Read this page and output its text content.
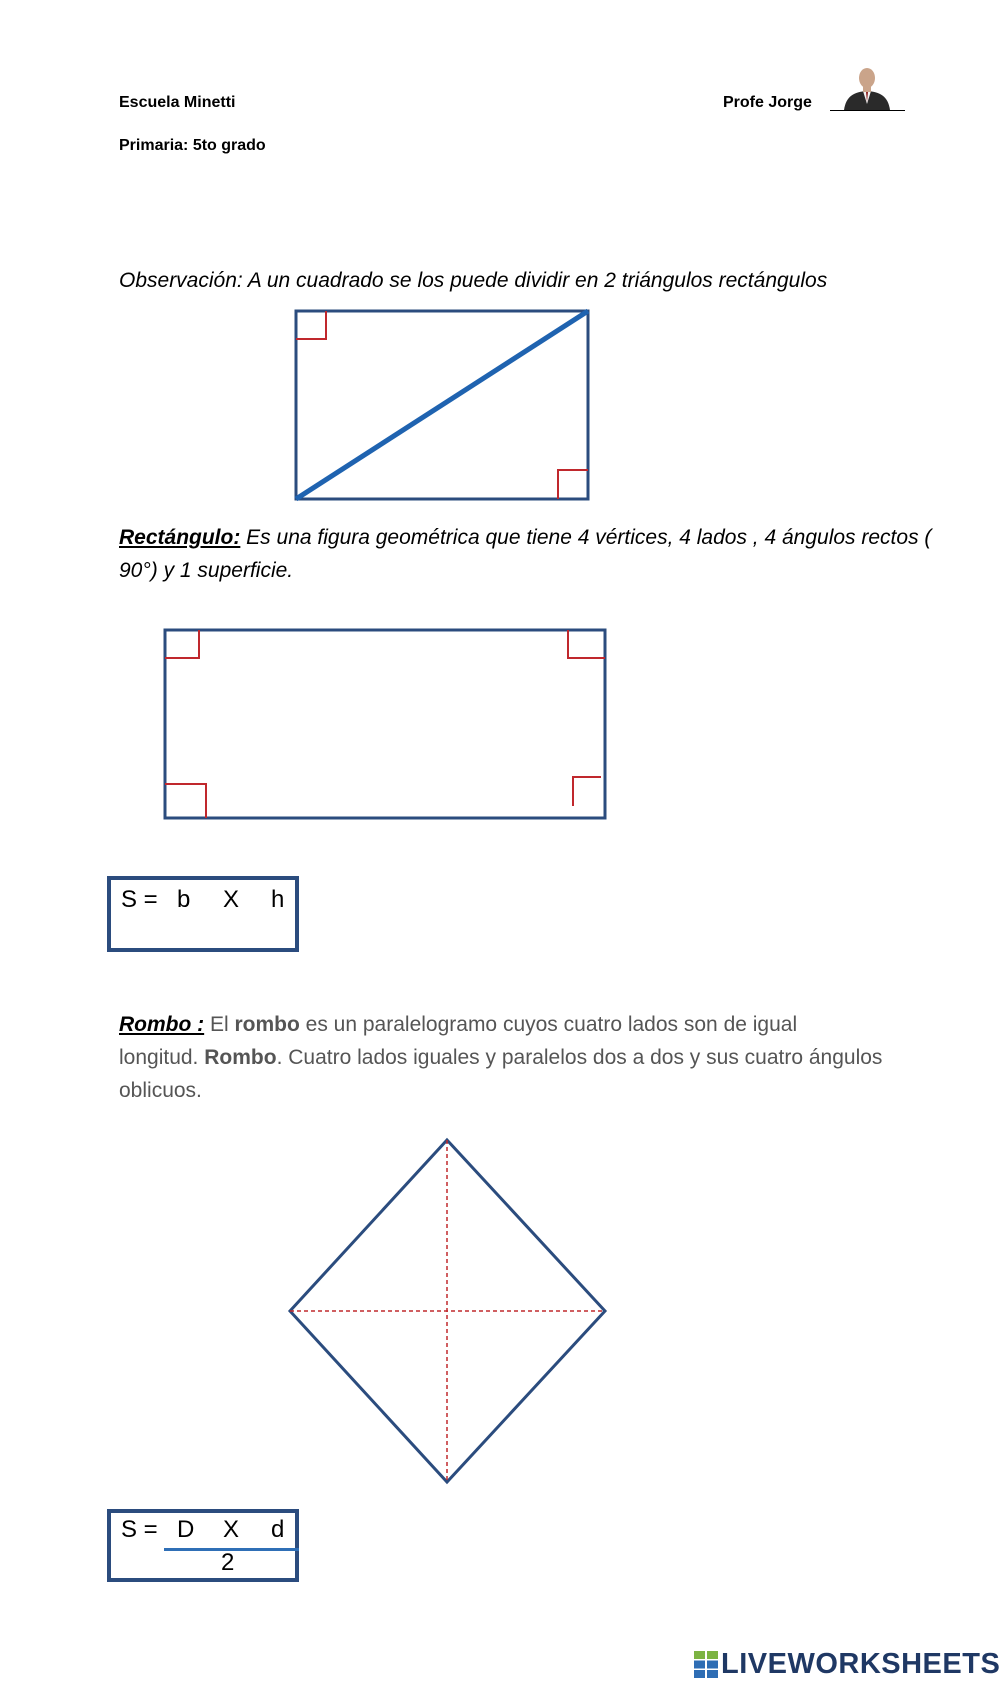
Escuela Minetti	Profe Jorge
Primaria: 5to grado
Observación: A un cuadrado se los puede dividir en 2 triángulos rectángulos
Rectángulo: Es una figura geométrica que tiene 4 vértices, 4 lados , 4 ángulos rectos (
90°) y 1 superficie.
S = b X h
Rombo : El rombo es un paralelogramo cuyos cuatro lados son de igual
longitud. Rombo. Cuatro lados iguales y paralelos dos a dos y sus cuatro ángulos
oblicuos.
S = D X d
2
LIVEWORKSHEETS
